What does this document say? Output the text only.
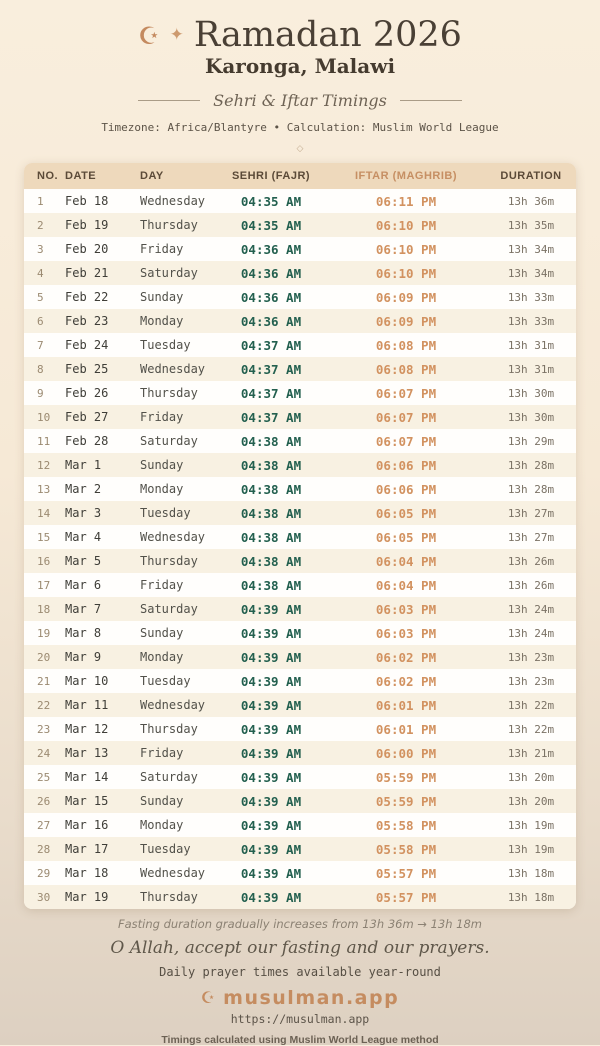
☪ ✦ Ramadan 2026
Karonga, Malawi
Sehri & Iftar Timings
Timezone: Africa/Blantyre • Calculation: Muslim World League
◇
NO. DATE	DAY	SEHRI (FAJR)	IFTAR (MAGHRIB)	DURATION
1	Feb 18	Wednesday	04:35 AM	06:11 PM	13h 36m
2	Feb 19	Thursday	04:35 AM	06:10 PM	13h 35m
3	Feb 20	Friday	04:36 AM	06:10 PM	13h 34m
4	Feb 21	Saturday	04:36 AM	06:10 PM	13h 34m
5	Feb 22	Sunday	04:36 AM	06:09 PM	13h 33m
6	Feb 23	Monday	04:36 AM	06:09 PM	13h 33m
7	Feb 24	Tuesday	04:37 AM	06:08 PM	13h 31m
8	Feb 25	Wednesday	04:37 AM	06:08 PM	13h 31m
9	Feb 26	Thursday	04:37 AM	06:07 PM	13h 30m
10	Feb 27	Friday	04:37 AM	06:07 PM	13h 30m
11	Feb 28	Saturday	04:38 AM	06:07 PM	13h 29m
12	Mar 1	Sunday	04:38 AM	06:06 PM	13h 28m
13	Mar 2	Monday	04:38 AM	06:06 PM	13h 28m
14	Mar 3	Tuesday	04:38 AM	06:05 PM	13h 27m
15	Mar 4	Wednesday	04:38 AM	06:05 PM	13h 27m
16	Mar 5	Thursday	04:38 AM	06:04 PM	13h 26m
17	Mar 6	Friday	04:38 AM	06:04 PM	13h 26m
18	Mar 7	Saturday	04:39 AM	06:03 PM	13h 24m
19	Mar 8	Sunday	04:39 AM	06:03 PM	13h 24m
20	Mar 9	Monday	04:39 AM	06:02 PM	13h 23m
21	Mar 10	Tuesday	04:39 AM	06:02 PM	13h 23m
22	Mar 11	Wednesday	04:39 AM	06:01 PM	13h 22m
23	Mar 12	Thursday	04:39 AM	06:01 PM	13h 22m
24	Mar 13	Friday	04:39 AM	06:00 PM	13h 21m
25	Mar 14	Saturday	04:39 AM	05:59 PM	13h 20m
26	Mar 15	Sunday	04:39 AM	05:59 PM	13h 20m
27	Mar 16	Monday	04:39 AM	05:58 PM	13h 19m
28	Mar 17	Tuesday	04:39 AM	05:58 PM	13h 19m
29	Mar 18	Wednesday	04:39 AM	05:57 PM	13h 18m
30	Mar 19	Thursday	04:39 AM	05:57 PM	13h 18m
Fasting duration gradually increases from 13h 36m → 13h 18m
O Allah, accept our fasting and our prayers.
Daily prayer times available year-round
☪ musulman.app
https://musulman.app
Timings calculated using Muslim World League method
